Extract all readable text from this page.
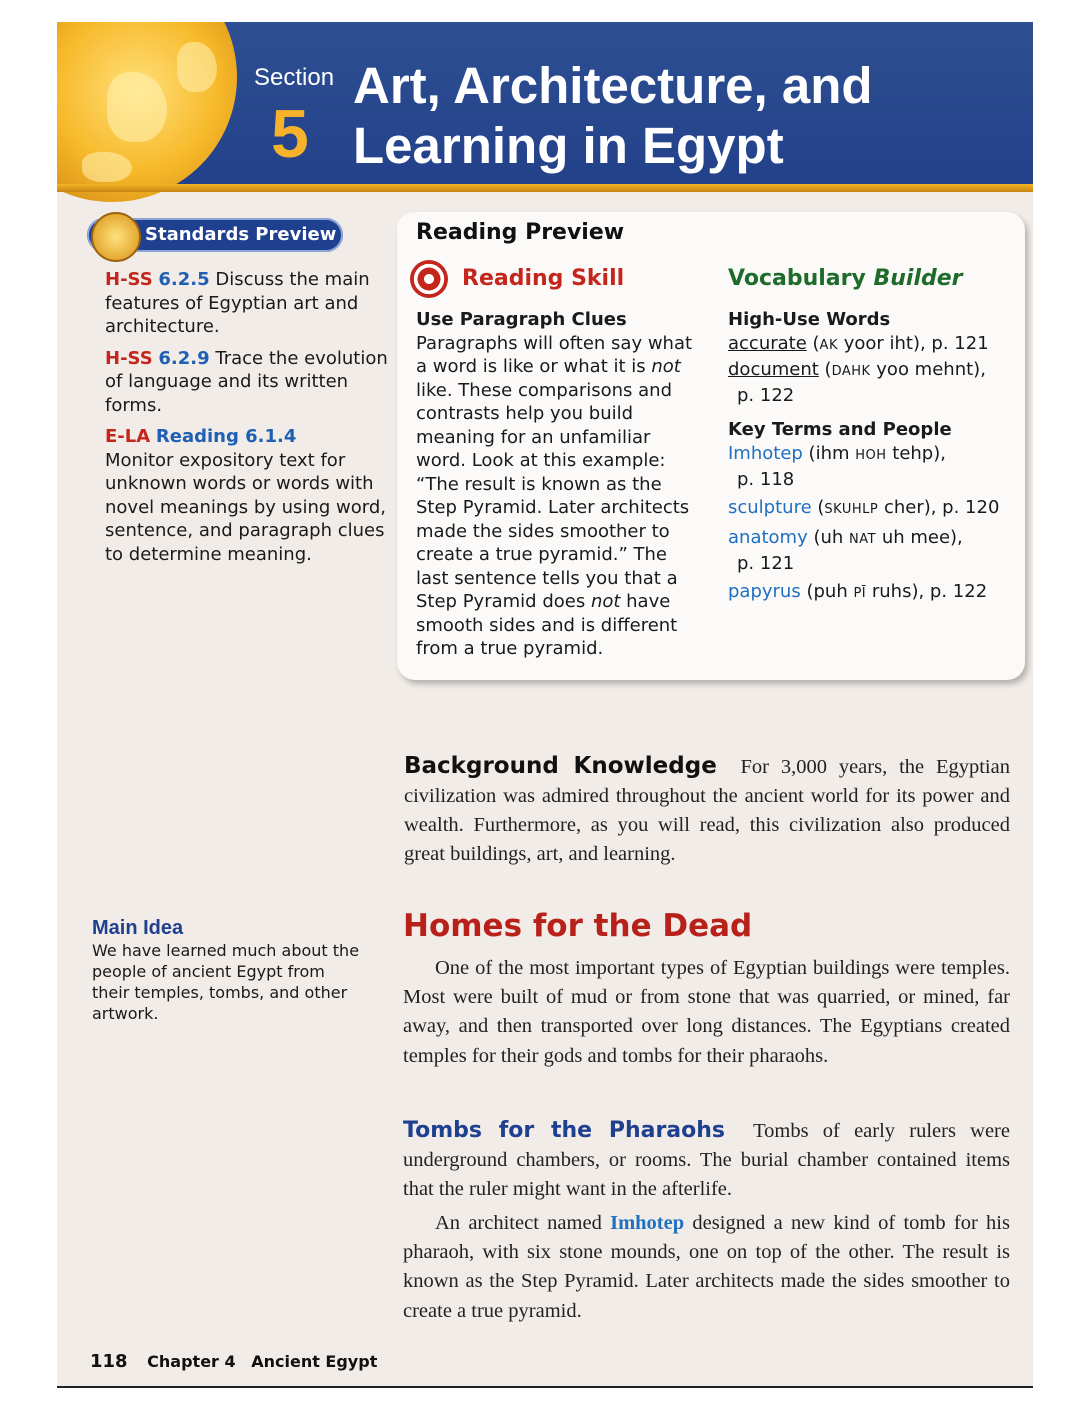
Section
5
Art, Architecture, and
Learning in Egypt
Standards Preview
H-SS 6.2.5 Discuss the main features of Egyptian art and architecture.
H-SS 6.2.9 Trace the evolution of language and its written forms.
E-LA Reading 6.1.4
Monitor expository text for unknown words or words with novel meanings by using word, sentence, and paragraph clues to determine meaning.
Reading Preview
Reading Skill
Use Paragraph Clues
Paragraphs will often say what a word is like or what it is not like. These comparisons and contrasts help you build meaning for an unfamiliar word. Look at this example: “The result is known as the Step Pyramid. Later architects made the sides smoother to create a true pyramid.” The last sentence tells you that a Step Pyramid does not have smooth sides and is different from a true pyramid.
Vocabulary Builder
High-Use Words
accurate (AK yoor iht), p. 121
document (DAHK yoo mehnt),
p. 122
Key Terms and People
Imhotep (ihm HOH tehp),
p. 118
sculpture (SKUHLP cher), p. 120
anatomy (uh NAT uh mee),
p. 121
papyrus (puh PĪ ruhs), p. 122
Background Knowledge For 3,000 years, the Egyptian civilization was admired throughout the ancient world for its power and wealth. Furthermore, as you will read, this civilization also produced great buildings, art, and learning.
Main Idea
We have learned much about the people of ancient Egypt from their temples, tombs, and other artwork.
Homes for the Dead

One of the most important types of Egyptian buildings were temples. Most were built of mud or from stone that was quarried, or mined, far away, and then transported over long distances. The Egyptians created temples for their gods and tombs for their pharaohs.

Tombs for the Pharaohs Tombs of early rulers were underground chambers, or rooms. The burial chamber contained items that the ruler might want in the afterlife.

An architect named Imhotep designed a new kind of tomb for his pharaoh, with six stone mounds, one on top of the other. The result is known as the Step Pyramid. Later architects made the sides smoother to create a true pyramid.

118 Chapter 4 Ancient Egypt
